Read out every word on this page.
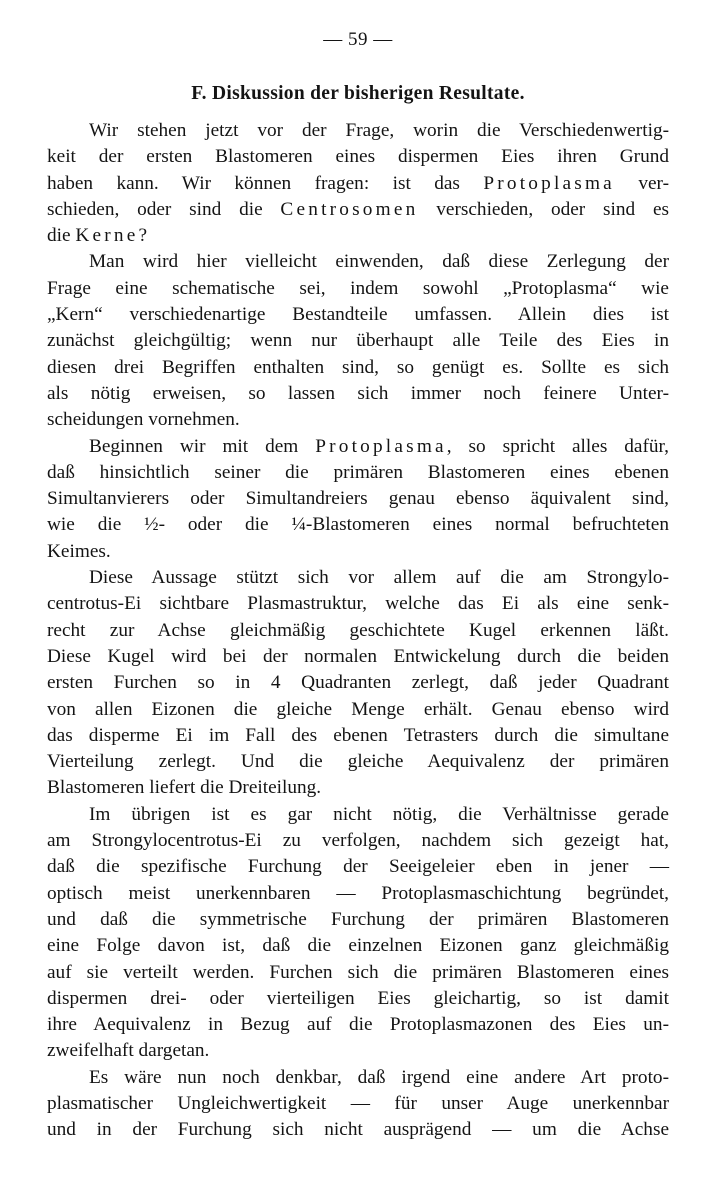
— 59 —
F. Diskussion der bisherigen Resultate.

Wir stehen jetzt vor der Frage, worin die Verschiedenwertig-
keit der ersten Blastomeren eines dispermen Eies ihren Grund
haben kann. Wir können fragen: ist das Protoplasma ver-
schieden, oder sind die Centrosomen verschieden, oder sind es
die Kerne?

Man wird hier vielleicht einwenden, daß diese Zerlegung der
Frage eine schematische sei, indem sowohl „Protoplasma“ wie
„Kern“ verschiedenartige Bestandteile umfassen. Allein dies ist
zunächst gleichgültig; wenn nur überhaupt alle Teile des Eies in
diesen drei Begriffen enthalten sind, so genügt es. Sollte es sich
als nötig erweisen, so lassen sich immer noch feinere Unter-
scheidungen vornehmen.

Beginnen wir mit dem Protoplasma, so spricht alles dafür,
daß hinsichtlich seiner die primären Blastomeren eines ebenen
Simultanvierers oder Simultandreiers genau ebenso äquivalent sind,
wie die ½- oder die ¼-Blastomeren eines normal befruchteten
Keimes.

Diese Aussage stützt sich vor allem auf die am Strongylo-
centrotus-Ei sichtbare Plasmastruktur, welche das Ei als eine senk-
recht zur Achse gleichmäßig geschichtete Kugel erkennen läßt.
Diese Kugel wird bei der normalen Entwickelung durch die beiden
ersten Furchen so in 4 Quadranten zerlegt, daß jeder Quadrant
von allen Eizonen die gleiche Menge erhält. Genau ebenso wird
das disperme Ei im Fall des ebenen Tetrasters durch die simultane
Vierteilung zerlegt. Und die gleiche Aequivalenz der primären
Blastomeren liefert die Dreiteilung.

Im übrigen ist es gar nicht nötig, die Verhältnisse gerade
am Strongylocentrotus-Ei zu verfolgen, nachdem sich gezeigt hat,
daß die spezifische Furchung der Seeigeleier eben in jener —
optisch meist unerkennbaren — Protoplasmaschichtung begründet,
und daß die symmetrische Furchung der primären Blastomeren
eine Folge davon ist, daß die einzelnen Eizonen ganz gleichmäßig
auf sie verteilt werden. Furchen sich die primären Blastomeren eines
dispermen drei- oder vierteiligen Eies gleichartig, so ist damit
ihre Aequivalenz in Bezug auf die Protoplasmazonen des Eies un-
zweifelhaft dargetan.

Es wäre nun noch denkbar, daß irgend eine andere Art proto-
plasmatischer Ungleichwertigkeit — für unser Auge unerkennbar
und in der Furchung sich nicht ausprägend — um die Achse
